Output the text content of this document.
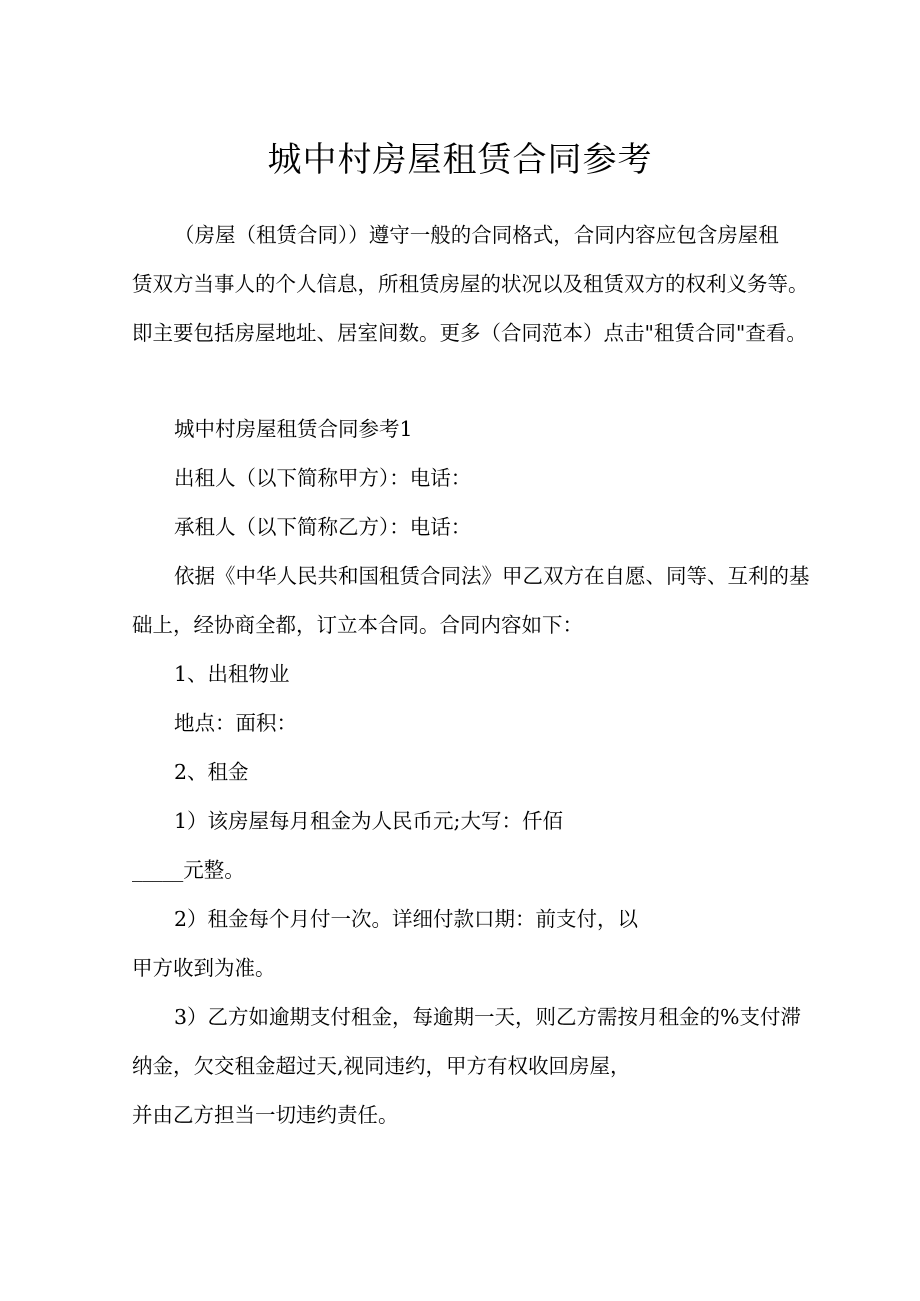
城中村房屋租赁合同参考
（房屋（租赁合同））遵守一般的合同格式，合同内容应包含房屋租
赁双方当事人的个人信息，所租赁房屋的状况以及租赁双方的权利义务等。
即主要包括房屋地址、居室间数。更多（合同范本）点击"租赁合同"查看。
城中村房屋租赁合同参考1
出租人（以下简称甲方）：电话：
承租人（以下简称乙方）：电话：
依据《中华人民共和国租赁合同法》甲乙双方在自愿、同等、互利的基
础上，经协商全都，订立本合同。合同内容如下：
1、出租物业
地点：面积：
2、租金
1）该房屋每月租金为人民币元;大写：仟佰
_____元整。
2）租金每个月付一次。详细付款口期：前支付，以
甲方收到为准。
3）乙方如逾期支付租金，每逾期一天，则乙方需按月租金的%支付滞
纳金，欠交租金超过天,视同违约，甲方有权收回房屋，
并由乙方担当一切违约责任。
